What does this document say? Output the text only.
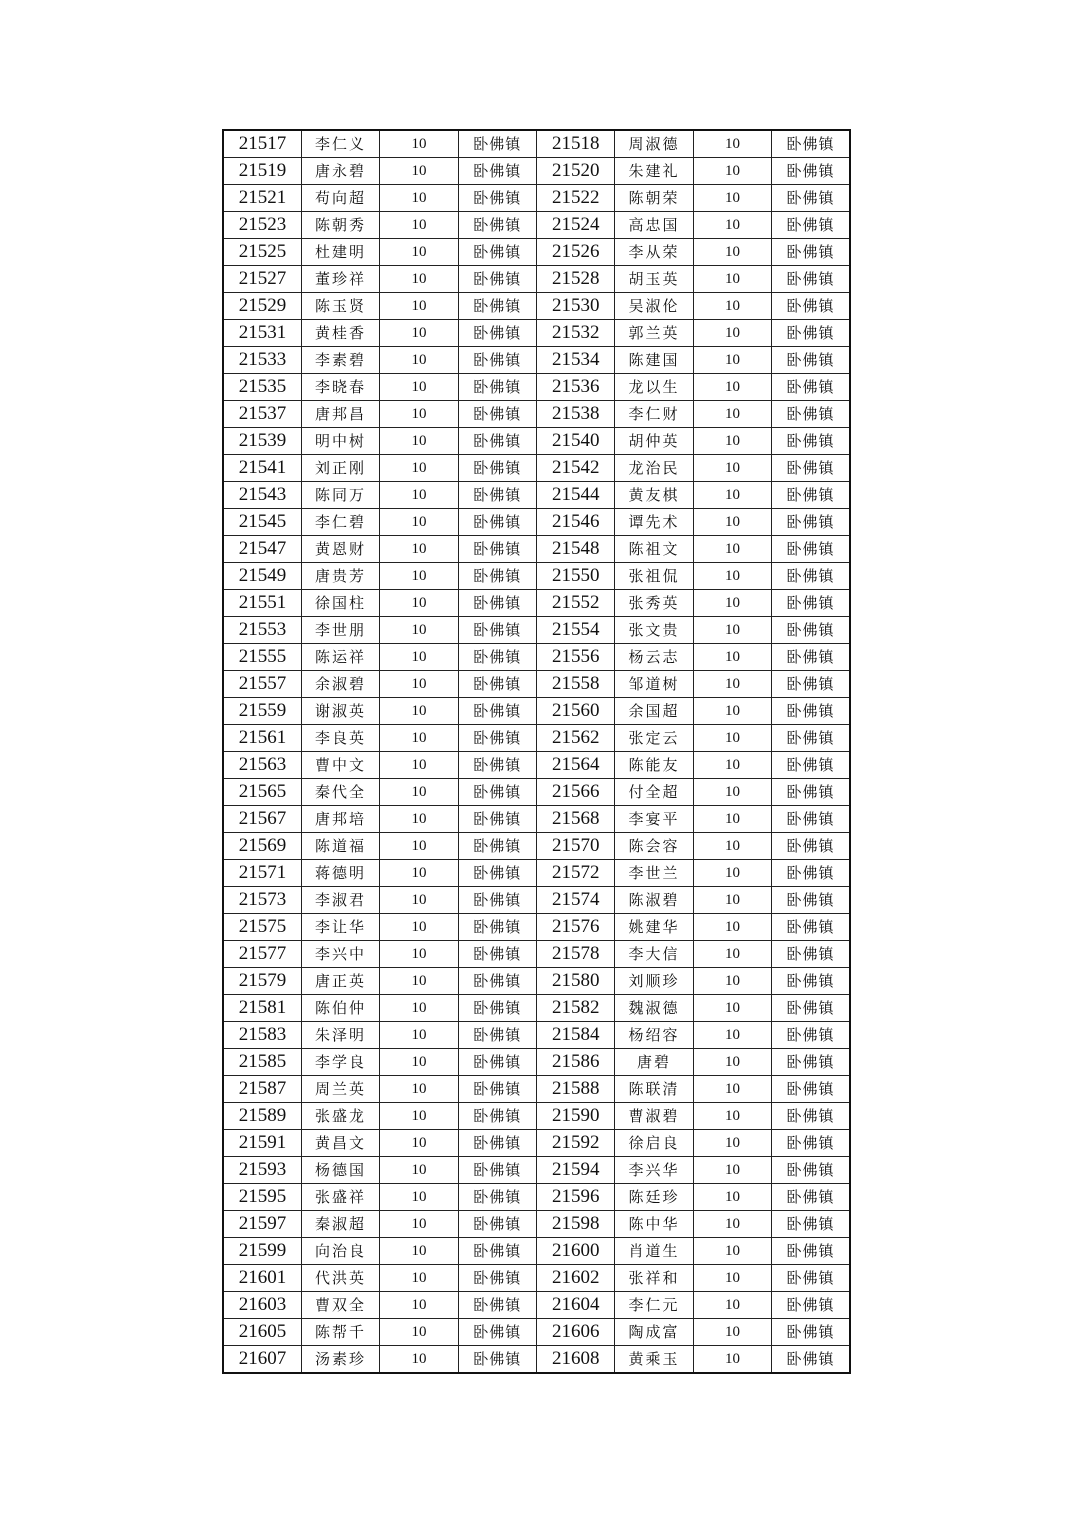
21517	李仁义	10	卧佛镇	21518	周淑德	10	卧佛镇
21519	唐永碧	10	卧佛镇	21520	朱建礼	10	卧佛镇
21521	苟向超	10	卧佛镇	21522	陈朝荣	10	卧佛镇
21523	陈朝秀	10	卧佛镇	21524	高忠国	10	卧佛镇
21525	杜建明	10	卧佛镇	21526	李从荣	10	卧佛镇
21527	董珍祥	10	卧佛镇	21528	胡玉英	10	卧佛镇
21529	陈玉贤	10	卧佛镇	21530	吴淑伦	10	卧佛镇
21531	黄桂香	10	卧佛镇	21532	郭兰英	10	卧佛镇
21533	李素碧	10	卧佛镇	21534	陈建国	10	卧佛镇
21535	李晓春	10	卧佛镇	21536	龙以生	10	卧佛镇
21537	唐邦昌	10	卧佛镇	21538	李仁财	10	卧佛镇
21539	明中树	10	卧佛镇	21540	胡仲英	10	卧佛镇
21541	刘正刚	10	卧佛镇	21542	龙治民	10	卧佛镇
21543	陈同万	10	卧佛镇	21544	黄友棋	10	卧佛镇
21545	李仁碧	10	卧佛镇	21546	谭先术	10	卧佛镇
21547	黄恩财	10	卧佛镇	21548	陈祖文	10	卧佛镇
21549	唐贵芳	10	卧佛镇	21550	张祖侃	10	卧佛镇
21551	徐国柱	10	卧佛镇	21552	张秀英	10	卧佛镇
21553	李世朋	10	卧佛镇	21554	张文贵	10	卧佛镇
21555	陈运祥	10	卧佛镇	21556	杨云志	10	卧佛镇
21557	余淑碧	10	卧佛镇	21558	邹道树	10	卧佛镇
21559	谢淑英	10	卧佛镇	21560	余国超	10	卧佛镇
21561	李良英	10	卧佛镇	21562	张定云	10	卧佛镇
21563	曹中文	10	卧佛镇	21564	陈能友	10	卧佛镇
21565	秦代全	10	卧佛镇	21566	付全超	10	卧佛镇
21567	唐邦培	10	卧佛镇	21568	李宴平	10	卧佛镇
21569	陈道福	10	卧佛镇	21570	陈会容	10	卧佛镇
21571	蒋德明	10	卧佛镇	21572	李世兰	10	卧佛镇
21573	李淑君	10	卧佛镇	21574	陈淑碧	10	卧佛镇
21575	李让华	10	卧佛镇	21576	姚建华	10	卧佛镇
21577	李兴中	10	卧佛镇	21578	李大信	10	卧佛镇
21579	唐正英	10	卧佛镇	21580	刘顺珍	10	卧佛镇
21581	陈伯仲	10	卧佛镇	21582	魏淑德	10	卧佛镇
21583	朱泽明	10	卧佛镇	21584	杨绍容	10	卧佛镇
21585	李学良	10	卧佛镇	21586	唐碧	10	卧佛镇
21587	周兰英	10	卧佛镇	21588	陈联清	10	卧佛镇
21589	张盛龙	10	卧佛镇	21590	曹淑碧	10	卧佛镇
21591	黄昌文	10	卧佛镇	21592	徐启良	10	卧佛镇
21593	杨德国	10	卧佛镇	21594	李兴华	10	卧佛镇
21595	张盛祥	10	卧佛镇	21596	陈廷珍	10	卧佛镇
21597	秦淑超	10	卧佛镇	21598	陈中华	10	卧佛镇
21599	向治良	10	卧佛镇	21600	肖道生	10	卧佛镇
21601	代洪英	10	卧佛镇	21602	张祥和	10	卧佛镇
21603	曹双全	10	卧佛镇	21604	李仁元	10	卧佛镇
21605	陈帮千	10	卧佛镇	21606	陶成富	10	卧佛镇
21607	汤素珍	10	卧佛镇	21608	黄乘玉	10	卧佛镇
